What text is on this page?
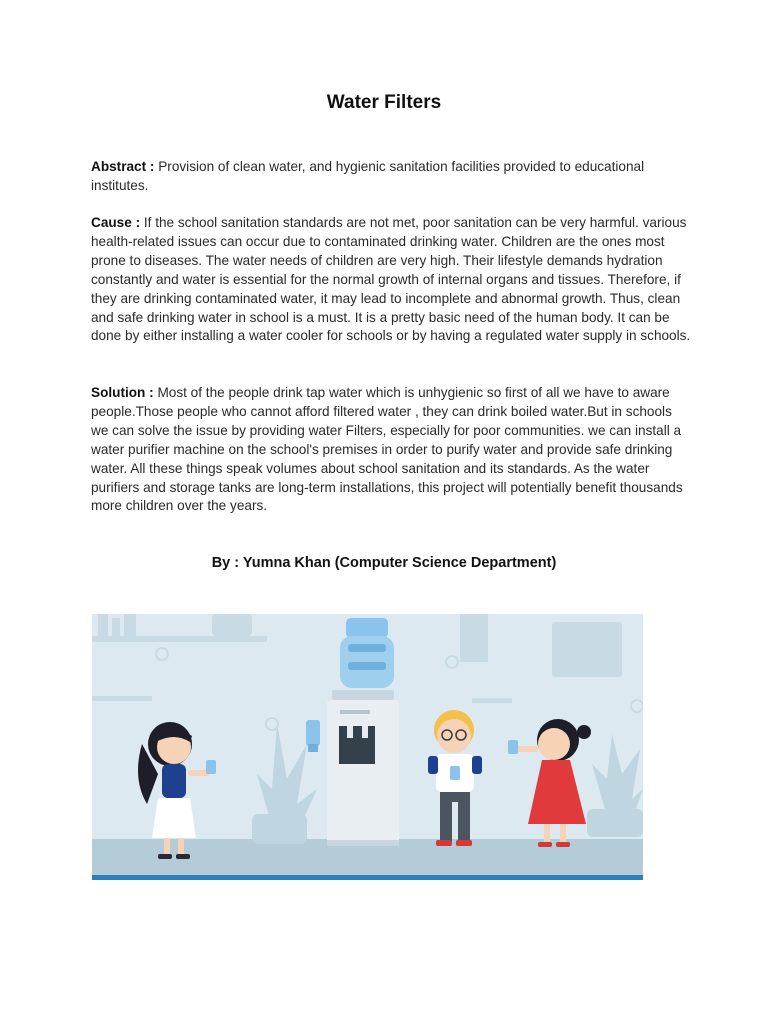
Water Filters
Abstract : Provision of clean water, and hygienic sanitation facilities provided to educational institutes.
Cause : If the school sanitation standards are not met, poor sanitation can be very harmful. various health-related issues can occur due to contaminated drinking water. Children are the ones most prone to diseases. The water needs of children are very high. Their lifestyle demands hydration constantly and water is essential for the normal growth of internal organs and tissues. Therefore, if they are drinking contaminated water, it may lead to incomplete and abnormal growth. Thus, clean and safe drinking water in school is a must. It is a pretty basic need of the human body. It can be done by either installing a water cooler for schools or by having a regulated water supply in schools.
Solution : Most of the people drink tap water which is unhygienic so first of all we have to aware people.Those people who cannot afford filtered water , they can drink boiled water.But in schools we can solve the issue by providing water Filters, especially for poor communities. we can install a water purifier machine on the school's premises in order to purify water and provide safe drinking water. All these things speak volumes about school sanitation and its standards. As the water purifiers and storage tanks are long-term installations, this project will potentially benefit thousands more children over the years.
By : Yumna Khan (Computer Science Department)
